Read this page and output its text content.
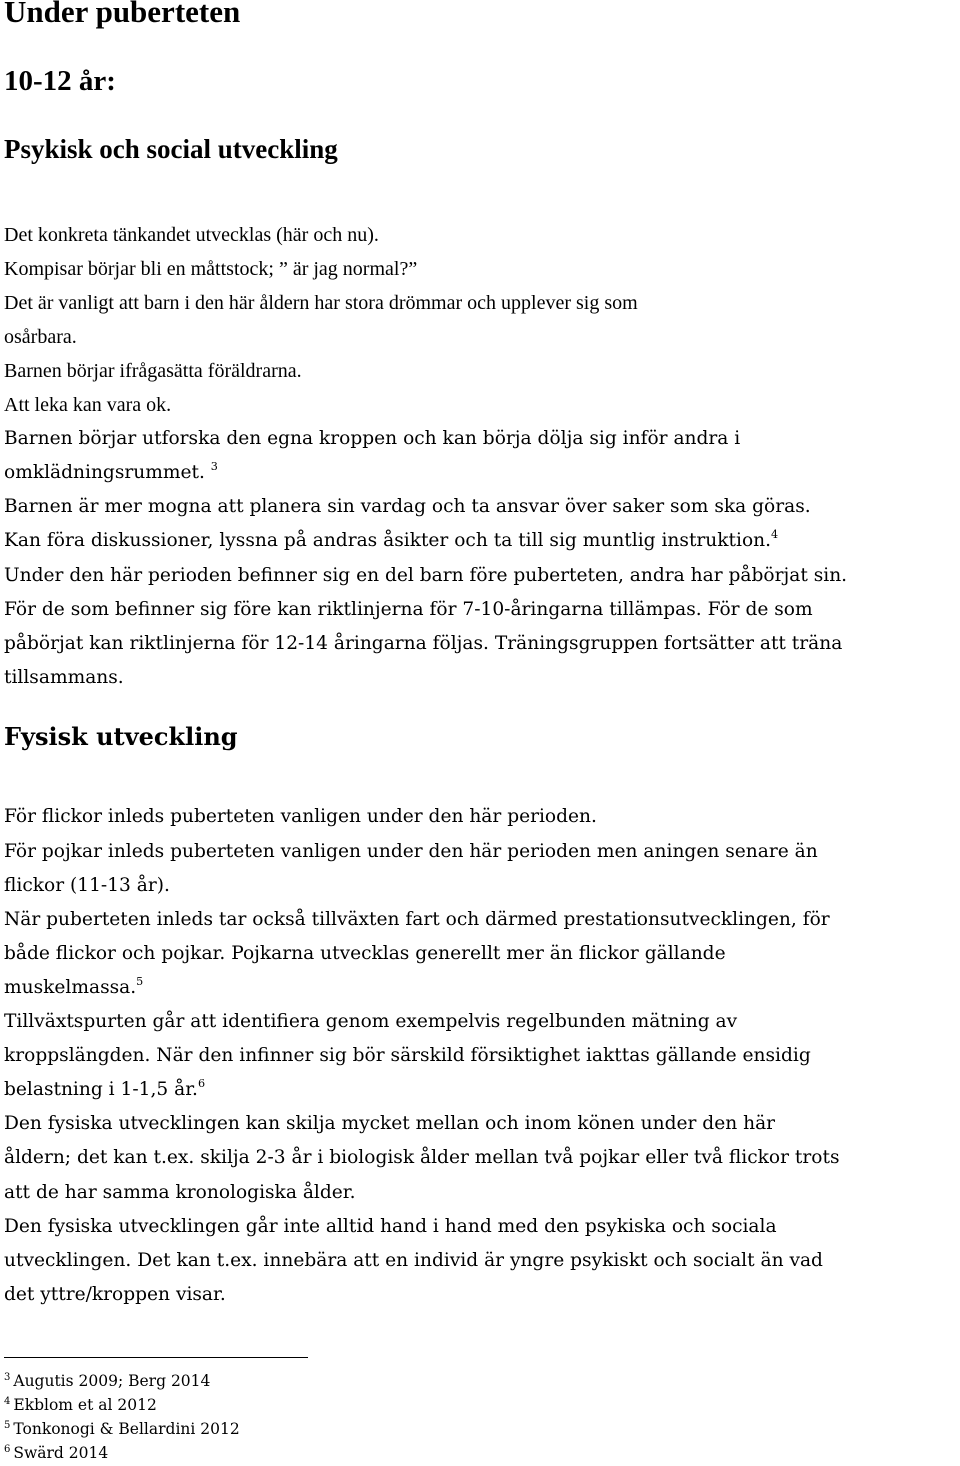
Under puberteten
10-12 år:
Psykisk och social utveckling
Det konkreta tänkandet utvecklas (här och nu).
Kompisar börjar bli en måttstock; ” är jag normal?”
Det är vanligt att barn i den här åldern har stora drömmar och upplever sig som
osårbara.
Barnen börjar ifrågasätta föräldrarna.
Att leka kan vara ok.
Barnen börjar utforska den egna kroppen och kan börja dölja sig inför andra i
omklädningsrummet. $^3$
Barnen är mer mogna att planera sin vardag och ta ansvar över saker som ska göras.
Kan föra diskussioner, lyssna på andras åsikter och ta till sig muntlig instruktion.$^4$
Under den här perioden befinner sig en del barn före puberteten, andra har påbörjat sin.
För de som befinner sig före kan riktlinjerna för 7-10-åringarna tillämpas. För de som
påbörjat kan riktlinjerna för 12-14 åringarna följas. Träningsgruppen fortsätter att träna
tillsammans.
Fysisk utveckling
För flickor inleds puberteten vanligen under den här perioden.
För pojkar inleds puberteten vanligen under den här perioden men aningen senare än
flickor (11-13 år).
När puberteten inleds tar också tillväxten fart och därmed prestationsutvecklingen, för
både flickor och pojkar. Pojkarna utvecklas generellt mer än flickor gällande
muskelmassa.$^5$
Tillväxtspurten går att identifiera genom exempelvis regelbunden mätning av
kroppslängden. När den infinner sig bör särskild försiktighet iakttas gällande ensidig
belastning i 1-1,5 år.$^6$
Den fysiska utvecklingen kan skilja mycket mellan och inom könen under den här
åldern; det kan t.ex. skilja 2-3 år i biologisk ålder mellan två pojkar eller två flickor trots
att de har samma kronologiska ålder.
Den fysiska utvecklingen går inte alltid hand i hand med den psykiska och sociala
utvecklingen. Det kan t.ex. innebära att en individ är yngre psykiskt och socialt än vad
det yttre/kroppen visar.
$^3$ Augutis 2009; Berg 2014
$^4$ Ekblom et al 2012
$^5$ Tonkonogi & Bellardini 2012
$^6$ Swärd 2014
